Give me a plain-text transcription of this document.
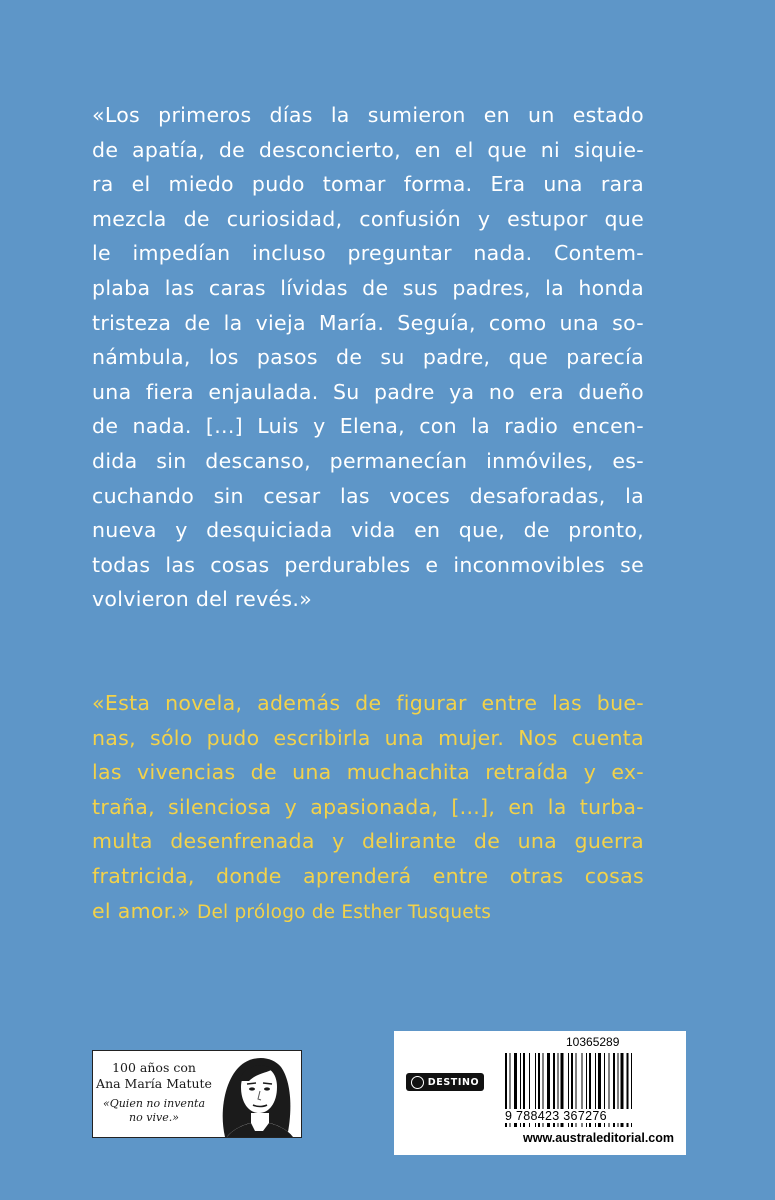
«Los primeros días la sumieron en un estado
de apatía, de desconcierto, en el que ni siquie-
ra el miedo pudo tomar forma. Era una rara
mezcla de curiosidad, confusión y estupor que
le impedían incluso preguntar nada. Contem-
plaba las caras lívidas de sus padres, la honda
tristeza de la vieja María. Seguía, como una so-
námbula, los pasos de su padre, que parecía
una fiera enjaulada. Su padre ya no era dueño
de nada. [...] Luis y Elena, con la radio encen-
dida sin descanso, permanecían inmóviles, es-
cuchando sin cesar las voces desaforadas, la
nueva y desquiciada vida en que, de pronto,
todas las cosas perdurables e inconmovibles se
volvieron del revés.»

«Esta novela, además de figurar entre las bue-
nas, sólo pudo escribirla una mujer. Nos cuenta
las vivencias de una muchachita retraída y ex-
traña, silenciosa y apasionada, [...], en la turba-
multa desenfrenada y delirante de una guerra
fratricida, donde aprenderá entre otras cosas
el amor.» Del prólogo de Esther Tusquets

100 años con
Ana María Matute
«Quien no inventa
no vive.»
10365289
DESTINO
9 788423 367276
www.australeditorial.com
